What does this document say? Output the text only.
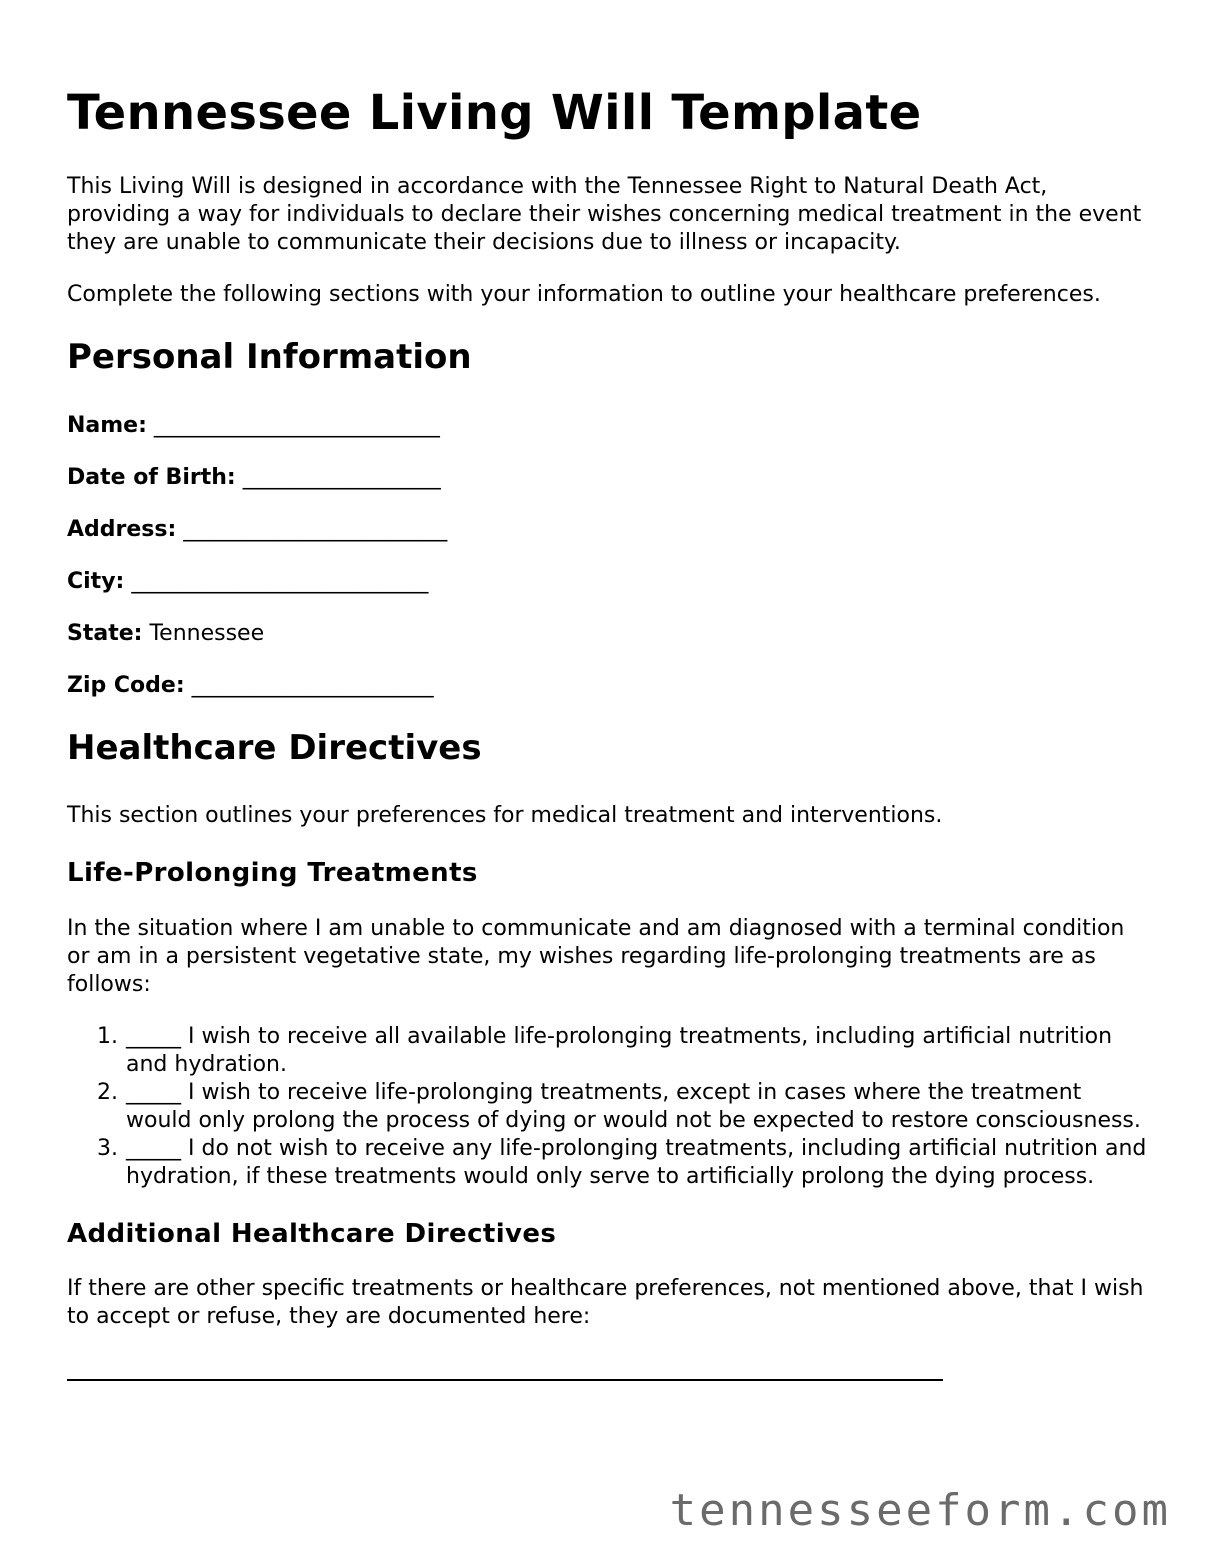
Tennessee Living Will Template

This Living Will is designed in accordance with the Tennessee Right to Natural Death Act, providing a way for individuals to declare their wishes concerning medical treatment in the event they are unable to communicate their decisions due to illness or incapacity.

Complete the following sections with your information to outline your healthcare preferences.

Personal Information
Name: __________________________
Date of Birth: __________________
Address: ________________________
City: ___________________________
State: Tennessee
Zip Code: ______________________
Healthcare Directives

This section outlines your preferences for medical treatment and interventions.

Life-Prolonging Treatments

In the situation where I am unable to communicate and am diagnosed with a terminal condition or am in a persistent vegetative state, my wishes regarding life-prolonging treatments are as follows:

1. _____ I wish to receive all available life-prolonging treatments, including artificial nutrition and hydration.
2. _____ I wish to receive life-prolonging treatments, except in cases where the treatment would only prolong the process of dying or would not be expected to restore consciousness.
3. _____ I do not wish to receive any life-prolonging treatments, including artificial nutrition and hydration, if these treatments would only serve to artificially prolong the dying process.
Additional Healthcare Directives

If there are other specific treatments or healthcare preferences, not mentioned above, that I wish to accept or refuse, they are documented here:

tennesseeform.com
